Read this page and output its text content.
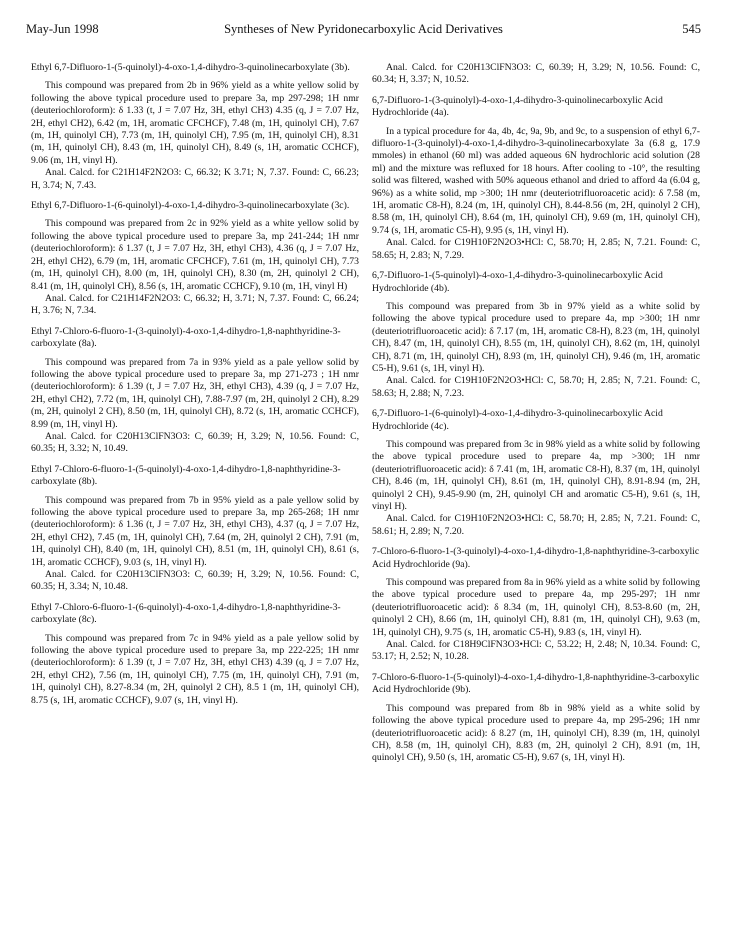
May-Jun 1998	Syntheses of New Pyridonecarboxylic Acid Derivatives	545

Ethyl 6,7-Difluoro-1-(5-quinolyl)-4-oxo-1,4-dihydro-3-quinolinecarboxylate (3b).

This compound was prepared from 2b in 96% yield as a white yellow solid by following the above typical procedure used to prepare 3a, mp 297-298; 1H nmr (deuteriochloroform): δ 1.33 (t, J = 7.07 Hz, 3H, ethyl CH3) 4.35 (q, J = 7.07 Hz, 2H, ethyl CH2), 6.42 (m, 1H, aromatic CFCHCF), 7.48 (m, 1H, quinolyl CH), 7.67 (m, 1H, quinolyl CH), 7.73 (m, 1H, quinolyl CH), 7.95 (m, 1H, quinolyl CH), 8.31 (m, 1H, quinolyl CH), 8.43 (m, 1H, quinolyl CH), 8.49 (s, 1H, aromatic CCHCF), 9.06 (m, 1H, vinyl H).

Anal. Calcd. for C21H14F2N2O3: C, 66.32; K 3.71; N, 7.37. Found: C, 66.23; H, 3.74; N, 7.43.

Ethyl 6,7-Difluoro-1-(6-quinolyl)-4-oxo-1,4-dihydro-3-quinolinecarboxylate (3c).

This compound was prepared from 2c in 92% yield as a white yellow solid by following the above typical procedure used to prepare 3a, mp 241-244; 1H nmr (deuteriochloroform): δ 1.37 (t, J = 7.07 Hz, 3H, ethyl CH3), 4.36 (q, J = 7.07 Hz, 2H, ethyl CH2), 6.79 (m, 1H, aromatic CFCHCF), 7.61 (m, 1H, quinolyl CH), 7.73 (m, 1H, quinolyl CH), 8.00 (m, 1H, quinolyl CH), 8.30 (m, 2H, quinolyl 2 CH), 8.41 (m, 1H, quinolyl CH), 8.56 (s, 1H, aromatic CCHCF), 9.10 (m, 1H, vinyl H)

Anal. Calcd. for C21H14F2N2O3: C, 66.32; H, 3.71; N, 7.37. Found: C, 66.24; H, 3.76; N, 7.34.

Ethyl 7-Chloro-6-fluoro-1-(3-quinolyl)-4-oxo-1,4-dihydro-1,8-naphthyridine-3-carboxylate (8a).

This compound was prepared from 7a in 93% yield as a pale yellow solid by following the above typical procedure used to prepare 3a, mp 271-273 ; 1H nmr (deuteriochloroform): δ 1.39 (t, J = 7.07 Hz, 3H, ethyl CH3), 4.39 (q, J = 7.07 Hz, 2H, ethyl CH2), 7.72 (m, 1H, quinolyl CH), 7.88-7.97 (m, 2H, quinolyl 2 CH), 8.29 (m, 2H, quinolyl 2 CH), 8.50 (m, 1H, quinolyl CH), 8.72 (s, 1H, aromatic CCHCF), 8.99 (m, 1H, vinyl H).

Anal. Calcd. for C20H13ClFN3O3: C, 60.39; H, 3.29; N, 10.56. Found: C, 60.35; H, 3.32; N, 10.49.

Ethyl 7-Chloro-6-fluoro-1-(5-quinolyl)-4-oxo-1,4-dihydro-1,8-naphthyridine-3-carboxylate (8b).

This compound was prepared from 7b in 95% yield as a pale yellow solid by following the above typical procedure used to prepare 3a, mp 265-268; 1H nmr (deuteriochloroform): δ 1.36 (t, J = 7.07 Hz, 3H, ethyl CH3), 4.37 (q, J = 7.07 Hz, 2H, ethyl CH2), 7.45 (m, 1H, quinolyl CH), 7.64 (m, 2H, quinolyl 2 CH), 7.91 (m, 1H, quinolyl CH), 8.40 (m, 1H, quinolyl CH), 8.51 (m, 1H, quinolyl CH), 8.61 (s, 1H, aromatic CCHCF), 9.03 (s, 1H, vinyl H).

Anal. Calcd. for C20H13ClFN3O3: C, 60.39; H, 3.29; N, 10.56. Found: C, 60.35; H, 3.34; N, 10.48.

Ethyl 7-Chloro-6-fluoro-1-(6-quinolyl)-4-oxo-1,4-dihydro-1,8-naphthyridine-3-carboxylate (8c).

This compound was prepared from 7c in 94% yield as a pale yellow solid by following the above typical procedure used to prepare 3a, mp 222-225; 1H nmr (deuteriochloroform): δ 1.39 (t, J = 7.07 Hz, 3H, ethyl CH3) 4.39 (q, J = 7.07 Hz, 2H, ethyl CH2), 7.56 (m, 1H, quinolyl CH), 7.75 (m, 1H, quinolyl CH), 7.91 (m, 1H, quinolyl CH), 8.27-8.34 (m, 2H, quinolyl 2 CH), 8.5 1 (m, 1H, quinolyl CH), 8.75 (s, 1H, aromatic CCHCF), 9.07 (s, 1H, vinyl H).

Anal. Calcd. for C20H13ClFN3O3: C, 60.39; H, 3.29; N, 10.56. Found: C, 60.34; H, 3.37; N, 10.52.

6,7-Difluoro-1-(3-quinolyl)-4-oxo-1,4-dihydro-3-quinolinecarboxylic Acid Hydrochloride (4a).

In a typical procedure for 4a, 4b, 4c, 9a, 9b, and 9c, to a suspension of ethyl 6,7-difluoro-1-(3-quinolyl)-4-oxo-1,4-dihydro-3-quinolinecarboxylate 3a (6.8 g, 17.9 mmoles) in ethanol (60 ml) was added aqueous 6N hydrochloric acid solution (28 ml) and the mixture was refluxed for 18 hours. After cooling to -10°, the resulting solid was filtered, washed with 50% aqueous ethanol and dried to afford 4a (6.04 g, 96%) as a white solid, mp >300; 1H nmr (deuteriotrifluoroacetic acid): δ 7.58 (m, 1H, aromatic C8-H), 8.24 (m, 1H, quinolyl CH), 8.44-8.56 (m, 2H, quinolyl 2 CH), 8.58 (m, 1H, quinolyl CH), 8.64 (m, 1H, quinolyl CH), 9.69 (m, 1H, quinolyl CH), 9.74 (s, 1H, aromatic C5-H), 9.95 (s, 1H, vinyl H).

Anal. Calcd. for C19H10F2N2O3•HCl: C, 58.70; H, 2.85; N, 7.21. Found: C, 58.65; H, 2.83; N, 7.29.

6,7-Difluoro-1-(5-quinolyl)-4-oxo-1,4-dihydro-3-quinolinecarboxylic Acid Hydrochloride (4b).

This compound was prepared from 3b in 97% yield as a white solid by following the above typical procedure used to prepare 4a, mp >300; 1H nmr (deuteriotrifluoroacetic acid): δ 7.17 (m, 1H, aromatic C8-H), 8.23 (m, 1H, quinolyl CH), 8.47 (m, 1H, quinolyl CH), 8.55 (m, 1H, quinolyl CH), 8.62 (m, 1H, quinolyl CH), 8.71 (m, 1H, quinolyl CH), 8.93 (m, 1H, quinolyl CH), 9.46 (m, 1H, aromatic C5-H), 9.61 (s, 1H, vinyl H).

Anal. Calcd. for C19H10F2N2O3•HCl: C, 58.70; H, 2.85; N, 7.21. Found: C, 58.63; H, 2.88; N, 7.23.

6,7-Difluoro-1-(6-quinolyl)-4-oxo-1,4-dihydro-3-quinolinecarboxylic Acid Hydrochloride (4c).

This compound was prepared from 3c in 98% yield as a white solid by following the above typical procedure used to prepare 4a, mp >300; 1H nmr (deuteriotrifluoroacetic acid): δ 7.41 (m, 1H, aromatic C8-H), 8.37 (m, 1H, quinolyl CH), 8.46 (m, 1H, quinolyl CH), 8.61 (m, 1H, quinolyl CH), 8.91-8.94 (m, 2H, quinolyl 2 CH), 9.45-9.90 (m, 2H, quinolyl CH and aromatic C5-H), 9.61 (s, 1H, vinyl H).

Anal. Calcd. for C19H10F2N2O3•HCl: C, 58.70; H, 2.85; N, 7.21. Found: C, 58.61; H, 2.89; N, 7.20.

7-Chloro-6-fluoro-1-(3-quinolyl)-4-oxo-1,4-dihydro-1,8-naphthyridine-3-carboxylic Acid Hydrochloride (9a).

This compound was prepared from 8a in 96% yield as a white solid by following the above typical procedure used to prepare 4a, mp 295-297; 1H nmr (deuteriotrifluoroacetic acid): δ 8.34 (m, 1H, quinolyl CH), 8.53-8.60 (m, 2H, quinolyl 2 CH), 8.66 (m, 1H, quinolyl CH), 8.81 (m, 1H, quinolyl CH), 9.63 (m, 1H, quinolyl CH), 9.75 (s, 1H, aromatic C5-H), 9.83 (s, 1H, vinyl H).

Anal. Calcd. for C18H9ClFN3O3•HCl: C, 53.22; H, 2.48; N, 10.34. Found: C, 53.17; H, 2.52; N, 10.28.

7-Chloro-6-fluoro-1-(5-quinolyl)-4-oxo-1,4-dihydro-1,8-naphthyridine-3-carboxylic Acid Hydrochloride (9b).

This compound was prepared from 8b in 98% yield as a white solid by following the above typical procedure used to prepare 4a, mp 295-296; 1H nmr (deuteriotrifluoroacetic acid): δ 8.27 (m, 1H, quinolyl CH), 8.39 (m, 1H, quinolyl CH), 8.58 (m, 1H, quinolyl CH), 8.83 (m, 2H, quinolyl 2 CH), 8.91 (m, 1H, quinolyl CH), 9.50 (s, 1H, aromatic C5-H), 9.67 (s, 1H, vinyl H).
